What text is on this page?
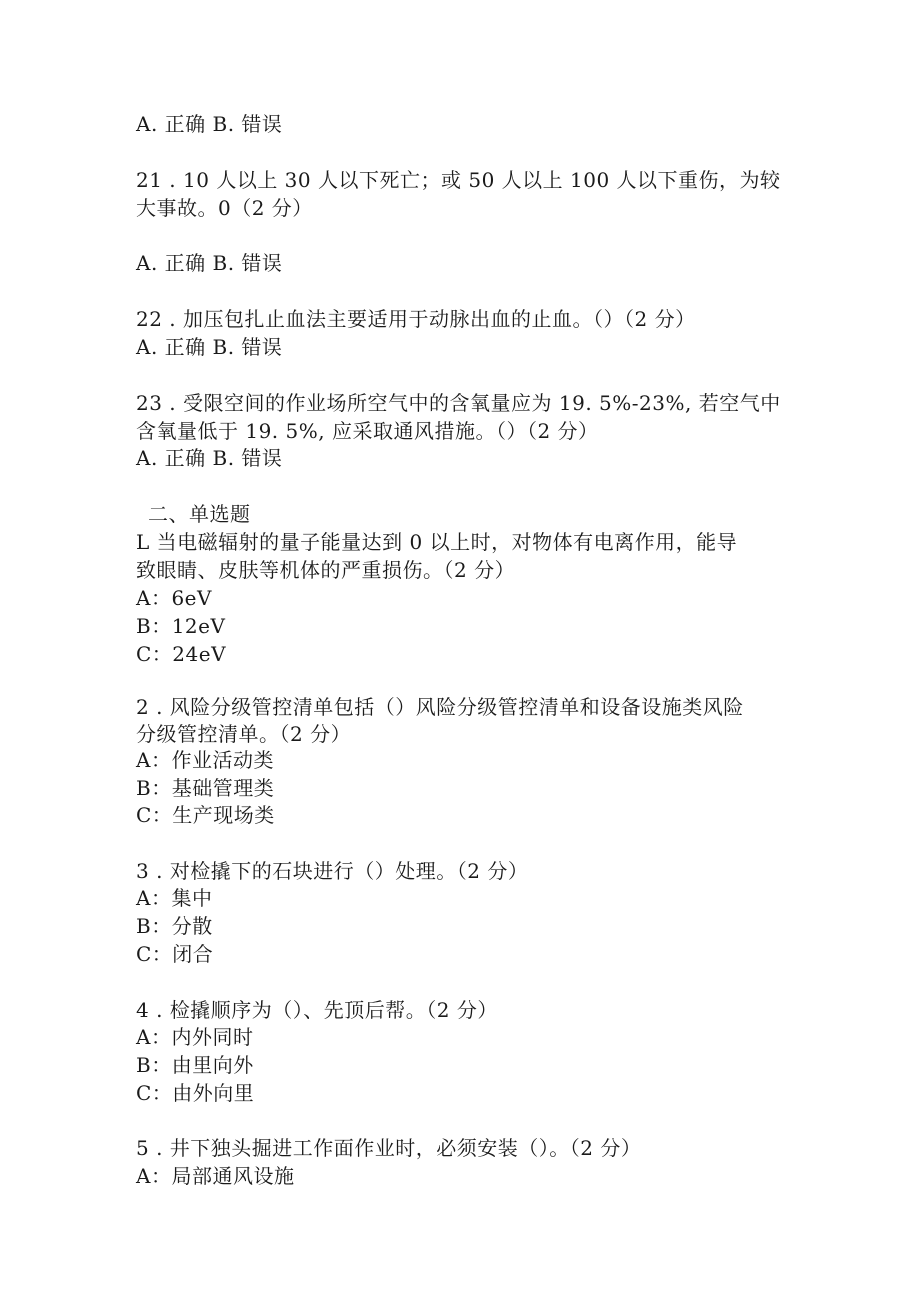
A. 正确 B. 错误
21 . 10 人以上 30 人以下死亡；或 50 人以上 100 人以下重伤，为较
大事故。0（2 分）
A. 正确 B. 错误
22 . 加压包扎止血法主要适用于动脉出血的止血。（）（2 分）
A. 正确 B. 错误
23 . 受限空间的作业场所空气中的含氧量应为 19. 5%-23%, 若空气中
含氧量低于 19. 5%, 应采取通风措施。（）（2 分）
A. 正确 B. 错误
二、单选题
L 当电磁辐射的量子能量达到 0 以上时，对物体有电离作用，能导
致眼睛、皮肤等机体的严重损伤。（2 分）
A：6eV
B：12eV
C：24eV
2 . 风险分级管控清单包括（）风险分级管控清单和设备设施类风险
分级管控清单。（2 分）
A：作业活动类
B：基础管理类
C：生产现场类
3 . 对检撬下的石块进行（）处理。（2 分）
A：集中
B：分散
C：闭合
4 . 检撬顺序为（）、先顶后帮。（2 分）
A：内外同时
B：由里向外
C：由外向里
5 . 井下独头掘进工作面作业时，必须安装（）。（2 分）
A：局部通风设施
